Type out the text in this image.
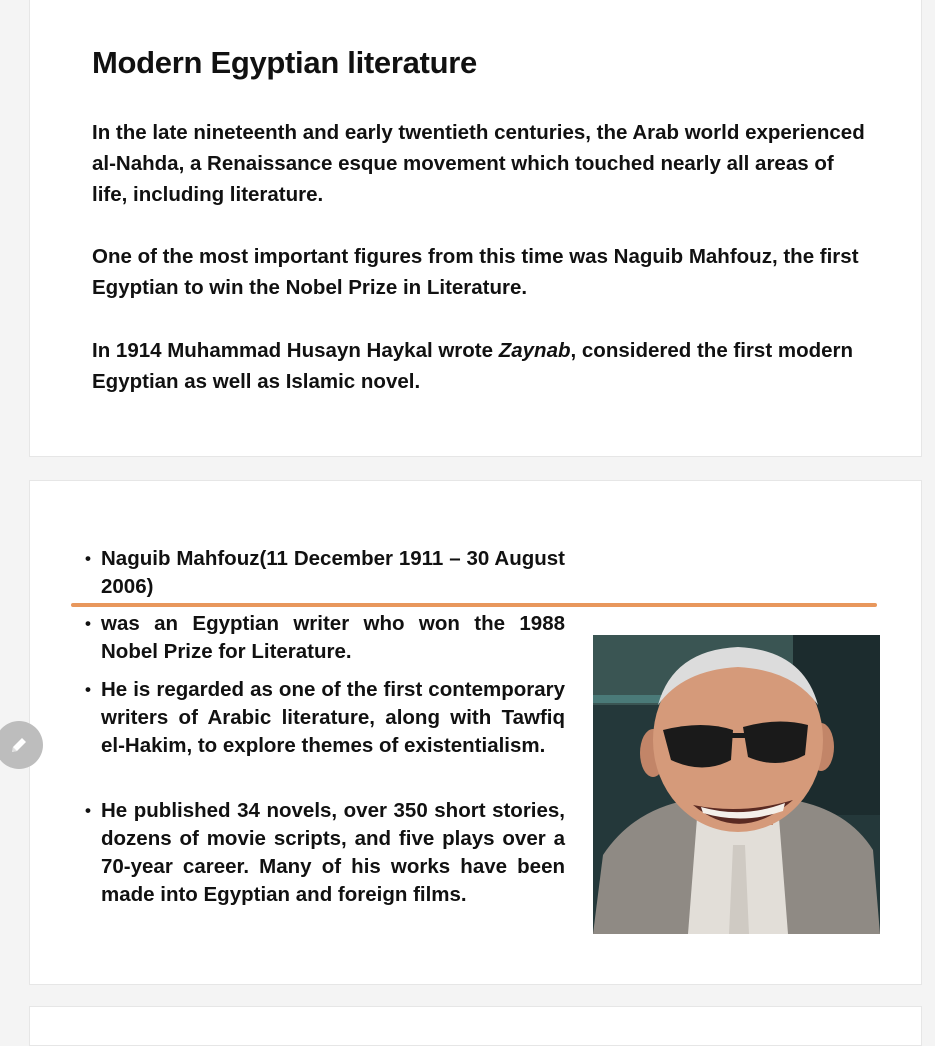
Modern Egyptian literature

In the late nineteenth and early twentieth centuries, the Arab world experienced al-Nahda, a Renaissance esque movement which touched nearly all areas of life, including literature.

One of the most important figures from this time was Naguib Mahfouz, the first Egyptian to win the Nobel Prize in Literature.

In 1914 Muhammad Husayn Haykal wrote Zaynab, considered the first modern Egyptian as well as Islamic novel.

• Naguib Mahfouz(11 December 1911 – 30 August 2006)
• was an Egyptian writer who won the 1988 Nobel Prize for Literature.
• He is regarded as one of the first contemporary writers of Arabic literature, along with Tawfiq el-Hakim, to explore themes of existentialism.
• He published 34 novels, over 350 short stories, dozens of movie scripts, and five plays over a 70-year career. Many of his works have been made into Egyptian and foreign films.
